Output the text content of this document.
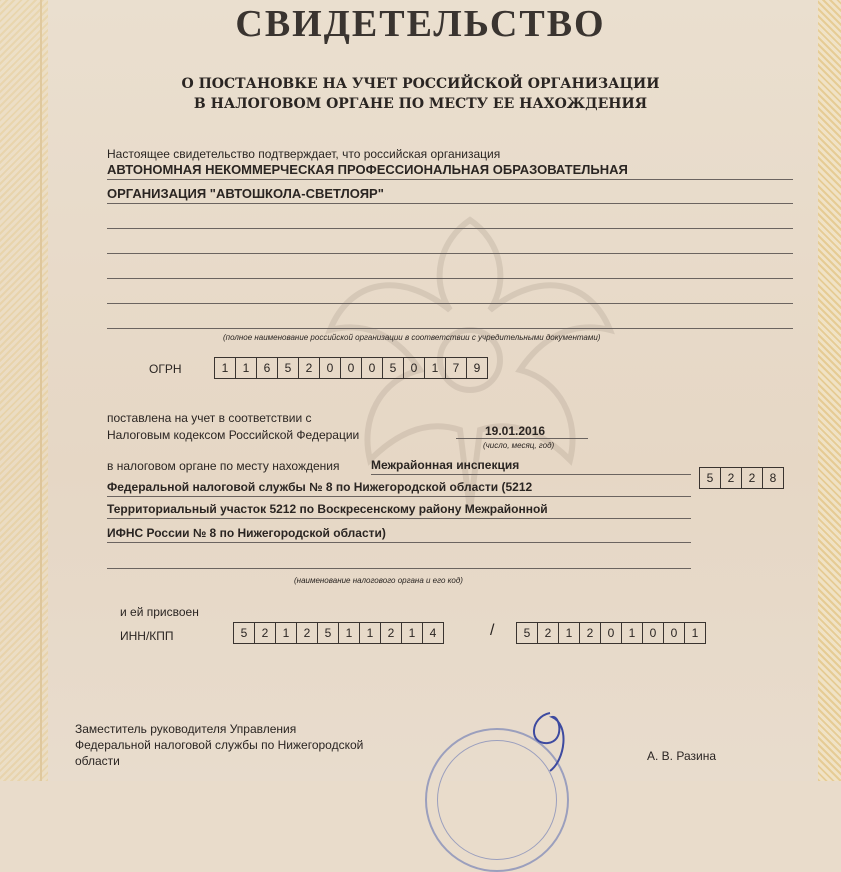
СВИДЕТЕЛЬСТВО
О ПОСТАНОВКЕ НА УЧЕТ РОССИЙСКОЙ ОРГАНИЗАЦИИ
В НАЛОГОВОМ ОРГАНЕ ПО МЕСТУ ЕЕ НАХОЖДЕНИЯ
Настоящее свидетельство подтверждает, что российская организация
АВТОНОМНАЯ НЕКОММЕРЧЕСКАЯ ПРОФЕССИОНАЛЬНАЯ ОБРАЗОВАТЕЛЬНАЯ
ОРГАНИЗАЦИЯ "АВТОШКОЛА-СВЕТЛОЯР"
(полное наименование российской организации в соответствии с учредительными документами)
ОГРН	1	1	6	5	2	0	0	0	5	0	1	7	9
поставлена на учет в соответствии с
Налоговым кодексом Российской Федерации	19.01.2016
(число, месяц, год)
в налоговом органе по месту нахождения	Межрайонная инспекция
5	2	2	8
Федеральной налоговой службы № 8 по Нижегородской области (5212
Территориальный участок 5212 по Воскресенскому району Межрайонной
ИФНС России № 8 по Нижегородской области)
(наименование налогового органа и его код)
и ей присвоен
ИНН/КПП	5	2	1	2	5	1	1	2	1	4	/	5	2	1	2	0	1	0	0	1
Заместитель руководителя Управления
Федеральной налоговой службы по Нижегородской
области	А. В. Разина
